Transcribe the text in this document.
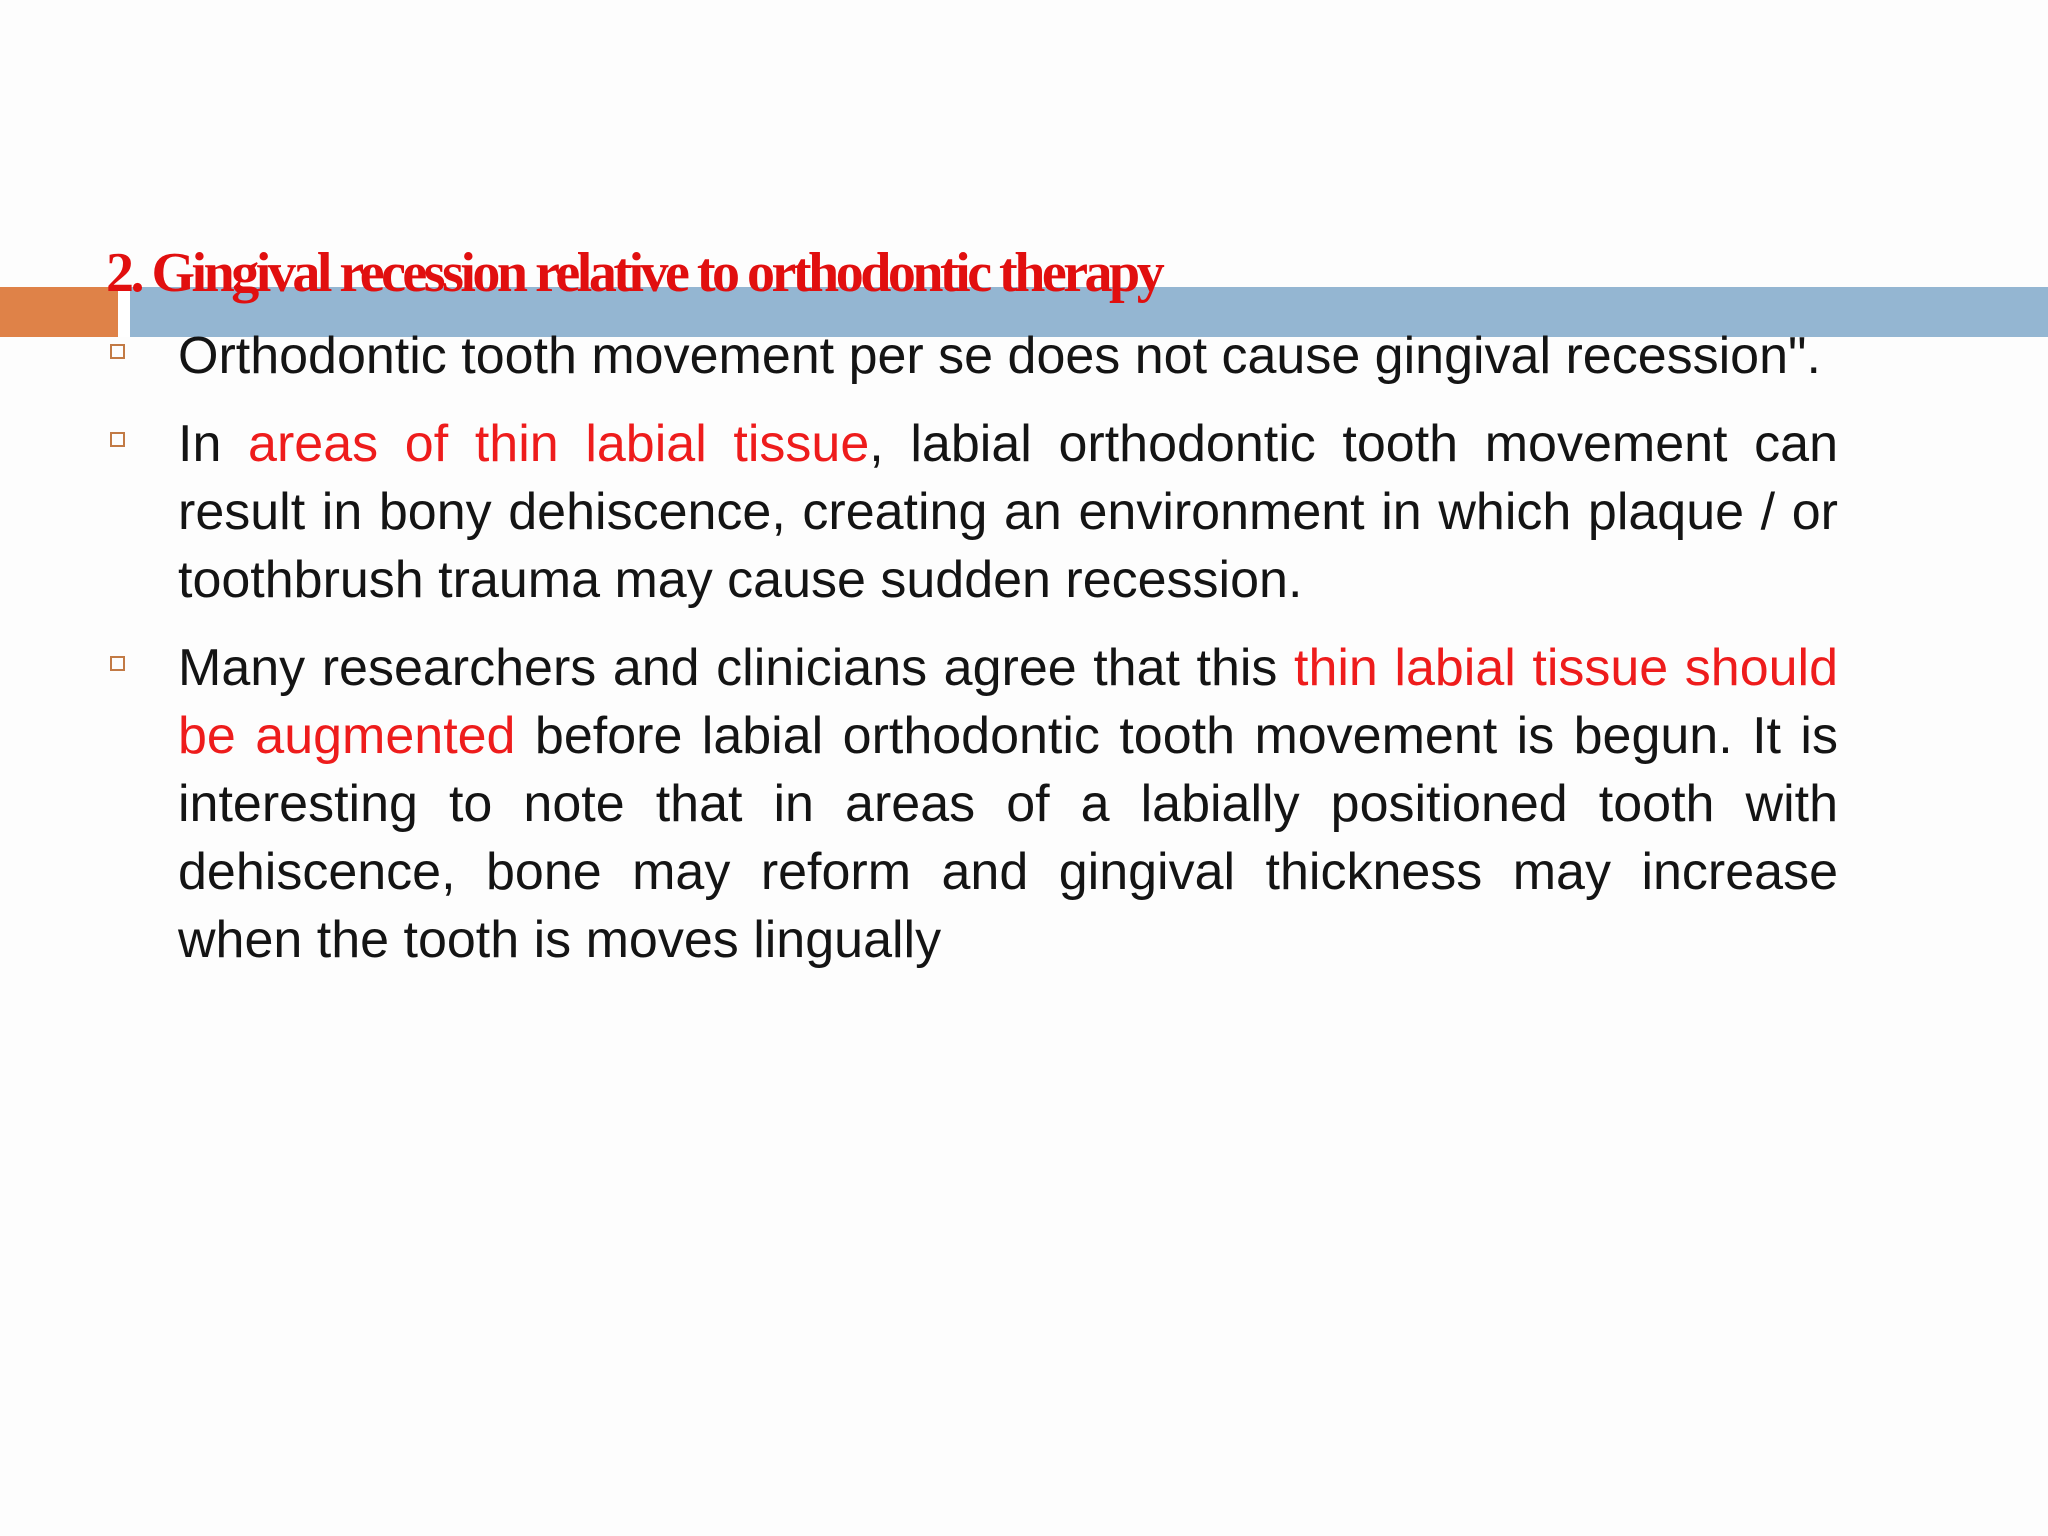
2. Gingival recession relative to orthodontic therapy
Orthodontic tooth movement per se does not cause gingival recession".
In areas of thin labial tissue, labial orthodontic tooth movement can result in bony dehiscence, creating an environment in which plaque / or toothbrush trauma may cause sudden recession.
Many researchers and clinicians agree that this thin labial tissue should be augmented before labial orthodontic tooth movement is begun. It is interesting to note that in areas of a labially positioned tooth with dehiscence, bone may reform and gingival thickness may increase when the tooth is moves lingually
